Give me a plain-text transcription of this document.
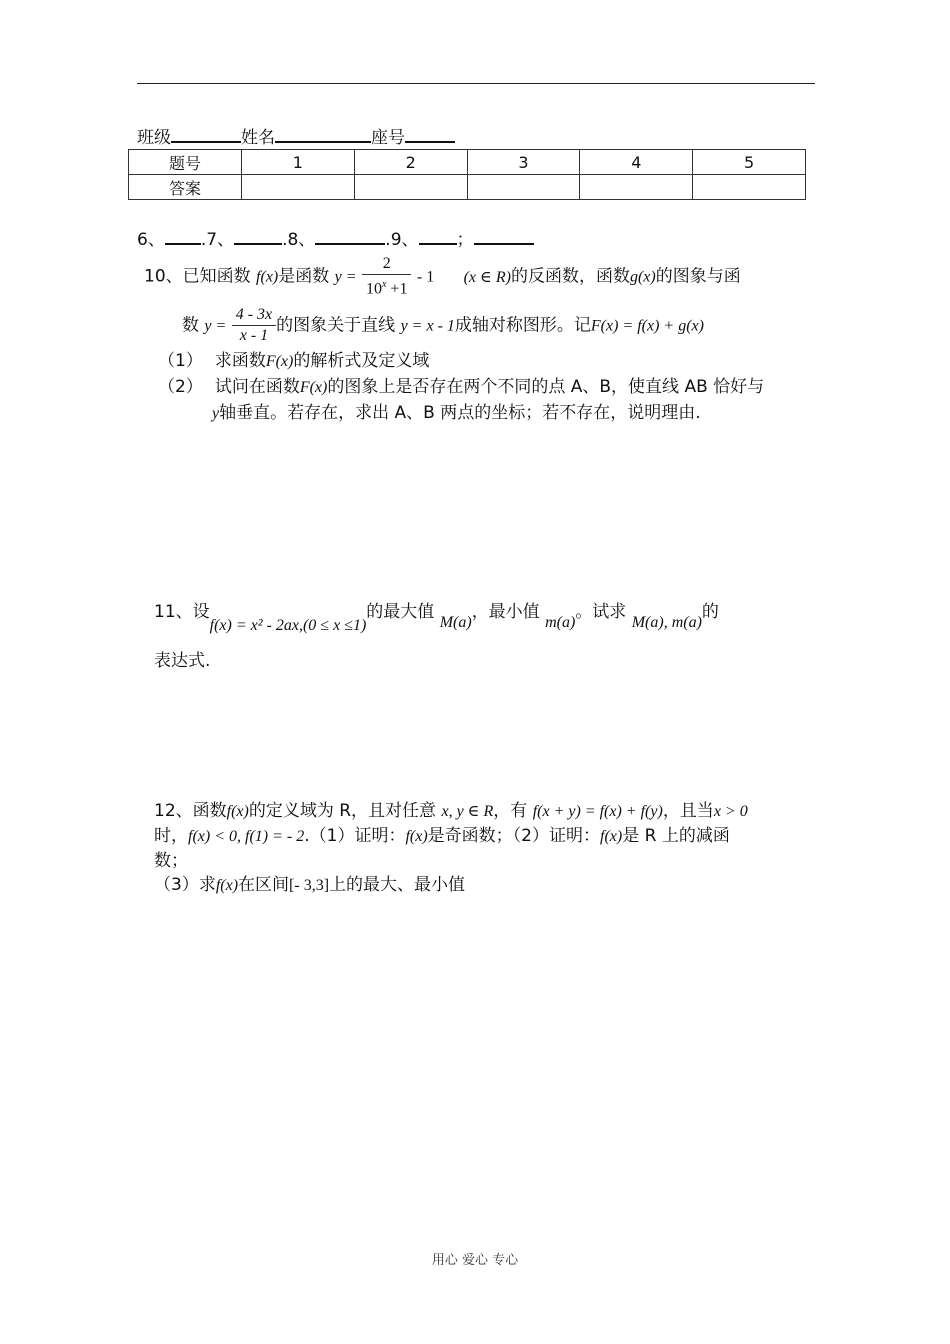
班级	姓名	座号
题号	1	2	3	4	5
答案					
6、 .7、	.8、	.9、 ；
10、已知函数 f(x)是函数 $y = \frac{2}{10^x +1} - 1$ (x ∈ R)的反函数，函数g(x)的图象与函
数 $y = \frac{4 - 3x}{x - 1}$ 的图象关于直线 y = x - 1成轴对称图形。记F(x) = f(x) + g(x)
（1） 求函数F(x)的解析式及定义域
（2） 试问在函数F(x)的图象上是否存在两个不同的点 A、B，使直线 AB 恰好与
y轴垂直。若存在，求出 A、B 两点的坐标；若不存在，说明理由.
11、设f(x) = x² - 2ax,(0 ≤ x ≤1)的最大值 M(a)，最小值 m(a)。试求 M(a), m(a)的
表达式.
12、函数f(x)的定义域为 R，且对任意 x, y ∈ R，有 f(x + y) = f(x) + f(y)，且当x > 0
时，f(x) < 0, f(1) = - 2.（1）证明：f(x)是奇函数；（2）证明：f(x)是 R 上的减函
数；
（3）求f(x)在区间[- 3,3]上的最大、最小值
用心 爱心 专心
